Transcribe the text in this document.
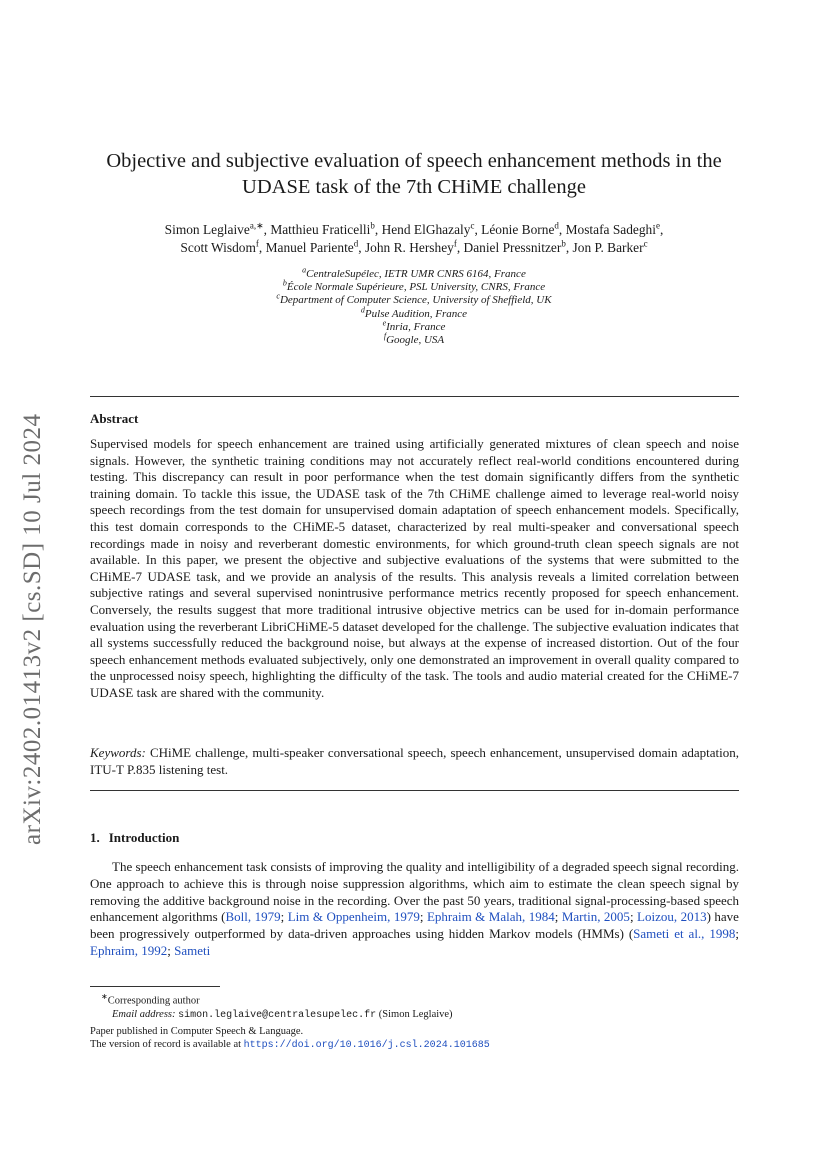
arXiv:2402.01413v2 [cs.SD] 10 Jul 2024
Objective and subjective evaluation of speech enhancement methods in the UDASE task of the 7th CHiME challenge
Simon Leglaive$^{a,∗}$, Matthieu Fraticelli$^b$, Hend ElGhazaly$^c$, Léonie Borne$^d$, Mostafa Sadeghi$^e$,
Scott Wisdom$^f$, Manuel Pariente$^d$, John R. Hershey$^f$, Daniel Pressnitzer$^b$, Jon P. Barker$^c$
$^a$CentraleSupélec, IETR UMR CNRS 6164, France
$^b$École Normale Supérieure, PSL University, CNRS, France
$^c$Department of Computer Science, University of Sheffield, UK
$^d$Pulse Audition, France
$^e$Inria, France
$^f$Google, USA
Abstract
Supervised models for speech enhancement are trained using artificially generated mixtures of clean speech and noise signals. However, the synthetic training conditions may not accurately reflect real-world conditions encountered during testing. This discrepancy can result in poor performance when the test domain significantly differs from the synthetic training domain. To tackle this issue, the UDASE task of the 7th CHiME challenge aimed to leverage real-world noisy speech recordings from the test domain for unsupervised domain adaptation of speech enhancement models. Specifically, this test domain corresponds to the CHiME-5 dataset, characterized by real multi-speaker and conversational speech recordings made in noisy and reverberant domestic environments, for which ground-truth clean speech signals are not available. In this paper, we present the objective and subjective evaluations of the systems that were submitted to the CHiME-7 UDASE task, and we provide an analysis of the results. This analysis reveals a limited correlation between subjective ratings and several supervised nonintrusive performance metrics recently proposed for speech enhancement. Conversely, the results suggest that more traditional intrusive objective metrics can be used for in-domain performance evaluation using the reverberant LibriCHiME-5 dataset developed for the challenge. The subjective evaluation indicates that all systems successfully reduced the background noise, but always at the expense of increased distortion. Out of the four speech enhancement methods evaluated subjectively, only one demonstrated an improvement in overall quality compared to the unprocessed noisy speech, highlighting the difficulty of the task. The tools and audio material created for the CHiME-7 UDASE task are shared with the community.
Keywords: CHiME challenge, multi-speaker conversational speech, speech enhancement, unsupervised domain adaptation, ITU-T P.835 listening test.
1. Introduction
The speech enhancement task consists of improving the quality and intelligibility of a degraded speech signal recording. One approach to achieve this is through noise suppression algorithms, which aim to estimate the clean speech signal by removing the additive background noise in the recording. Over the past 50 years, traditional signal-processing-based speech enhancement algorithms (Boll, 1979; Lim & Oppenheim, 1979; Ephraim & Malah, 1984; Martin, 2005; Loizou, 2013) have been progressively outperformed by data-driven approaches using hidden Markov models (HMMs) (Sameti et al., 1998; Ephraim, 1992; Sameti
∗Corresponding author
Email address: simon.leglaive@centralesupelec.fr (Simon Leglaive)
Paper published in Computer Speech & Language.
The version of record is available at https://doi.org/10.1016/j.csl.2024.101685
